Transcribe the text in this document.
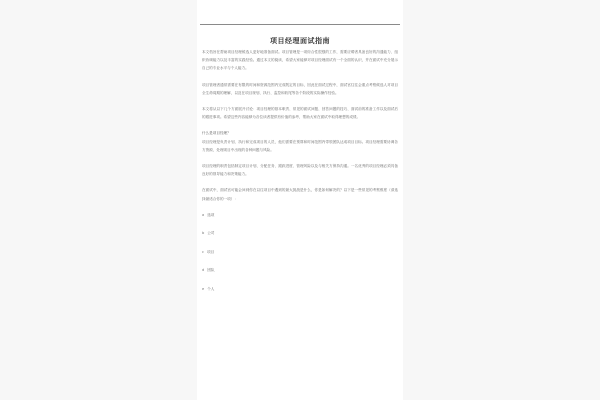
项目经理面试指南

本文档旨在帮助项目经理候选人更好地准备面试。项目管理是一项综合性很强的工作，需要应聘者具备良好的沟通能力、组织协调能力以及丰富的实践经验。通过本文的阅读，希望大家能够对项目经理面试有一个全面的认识，并在面试中充分展示自己的专业水平与个人能力。

项目管理者通常需要在有限的时间和资源范围内完成既定的目标，因此在面试过程中，面试官往往会重点考察候选人对项目全生命周期的理解，以及在项目规划、执行、监控和收尾等各个阶段的实际操作经验。

本文将从以下几个方面展开讨论：项目经理的基本职责、常见的面试问题、回答问题的技巧、面试前的准备工作以及面试后的跟进事项。希望这些内容能够为各位读者提供有价值的参考，帮助大家在面试中取得理想的成绩。

什么是项目经理？

项目经理是负责计划、执行和完成项目的人员，他们需要在预算和时间范围内带领团队达成项目目标。项目经理需要协调各方资源，处理项目中出现的各种问题与风险。

项目经理的职责包括制定项目计划、分配任务、跟踪进度、管理风险以及与相关方保持沟通。一名优秀的项目经理必须具备良好的领导能力和决策能力。

在面试中，面试官可能会问到你在以往项目中遇到的最大挑战是什么，你是如何解决的？以下是一些常见的考察维度（请选择最适合你的一项）：

a 选项
b 公司
c 项目
d 团队
e 个人
